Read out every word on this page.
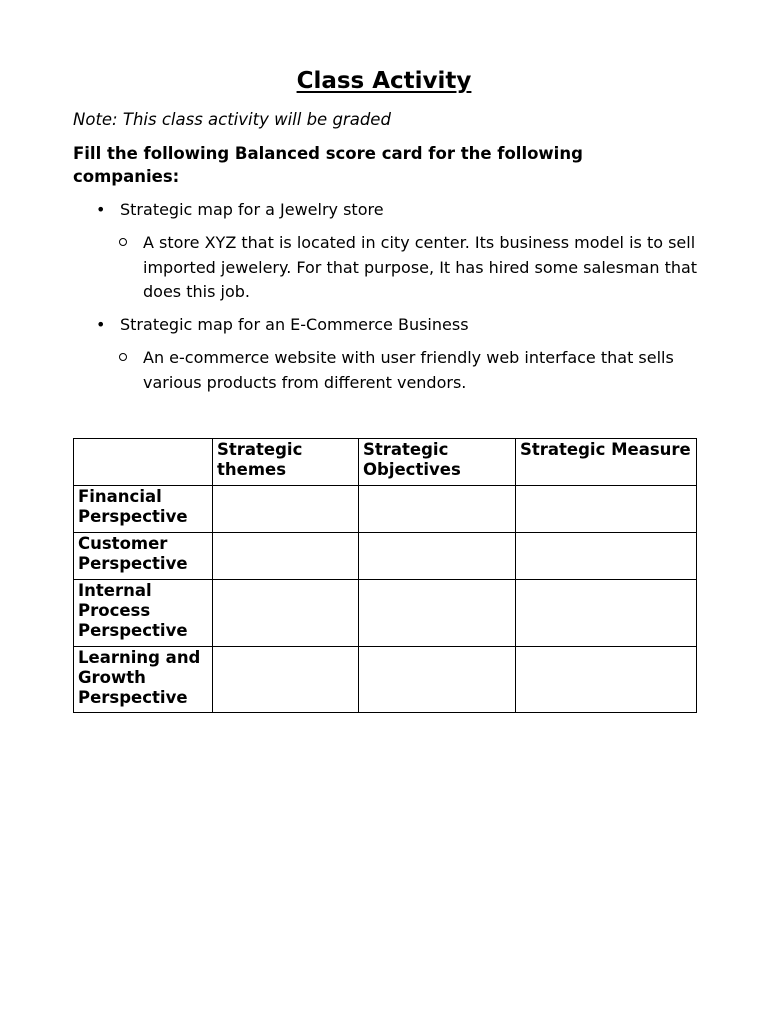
Class Activity
Note: This class activity will be graded
Fill the following Balanced score card for the following companies:
• Strategic map for a Jewelry store
A store XYZ that is located in city center. Its business model is to sell imported jewelery. For that purpose, It has hired some salesman that does this job.
• Strategic map for an E-Commerce Business
An e-commerce website with user friendly web interface that sells various products from different vendors.
	Strategic themes	Strategic Objectives	Strategic Measure
Financial Perspective			
Customer Perspective			
Internal Process Perspective			
Learning and Growth Perspective			
